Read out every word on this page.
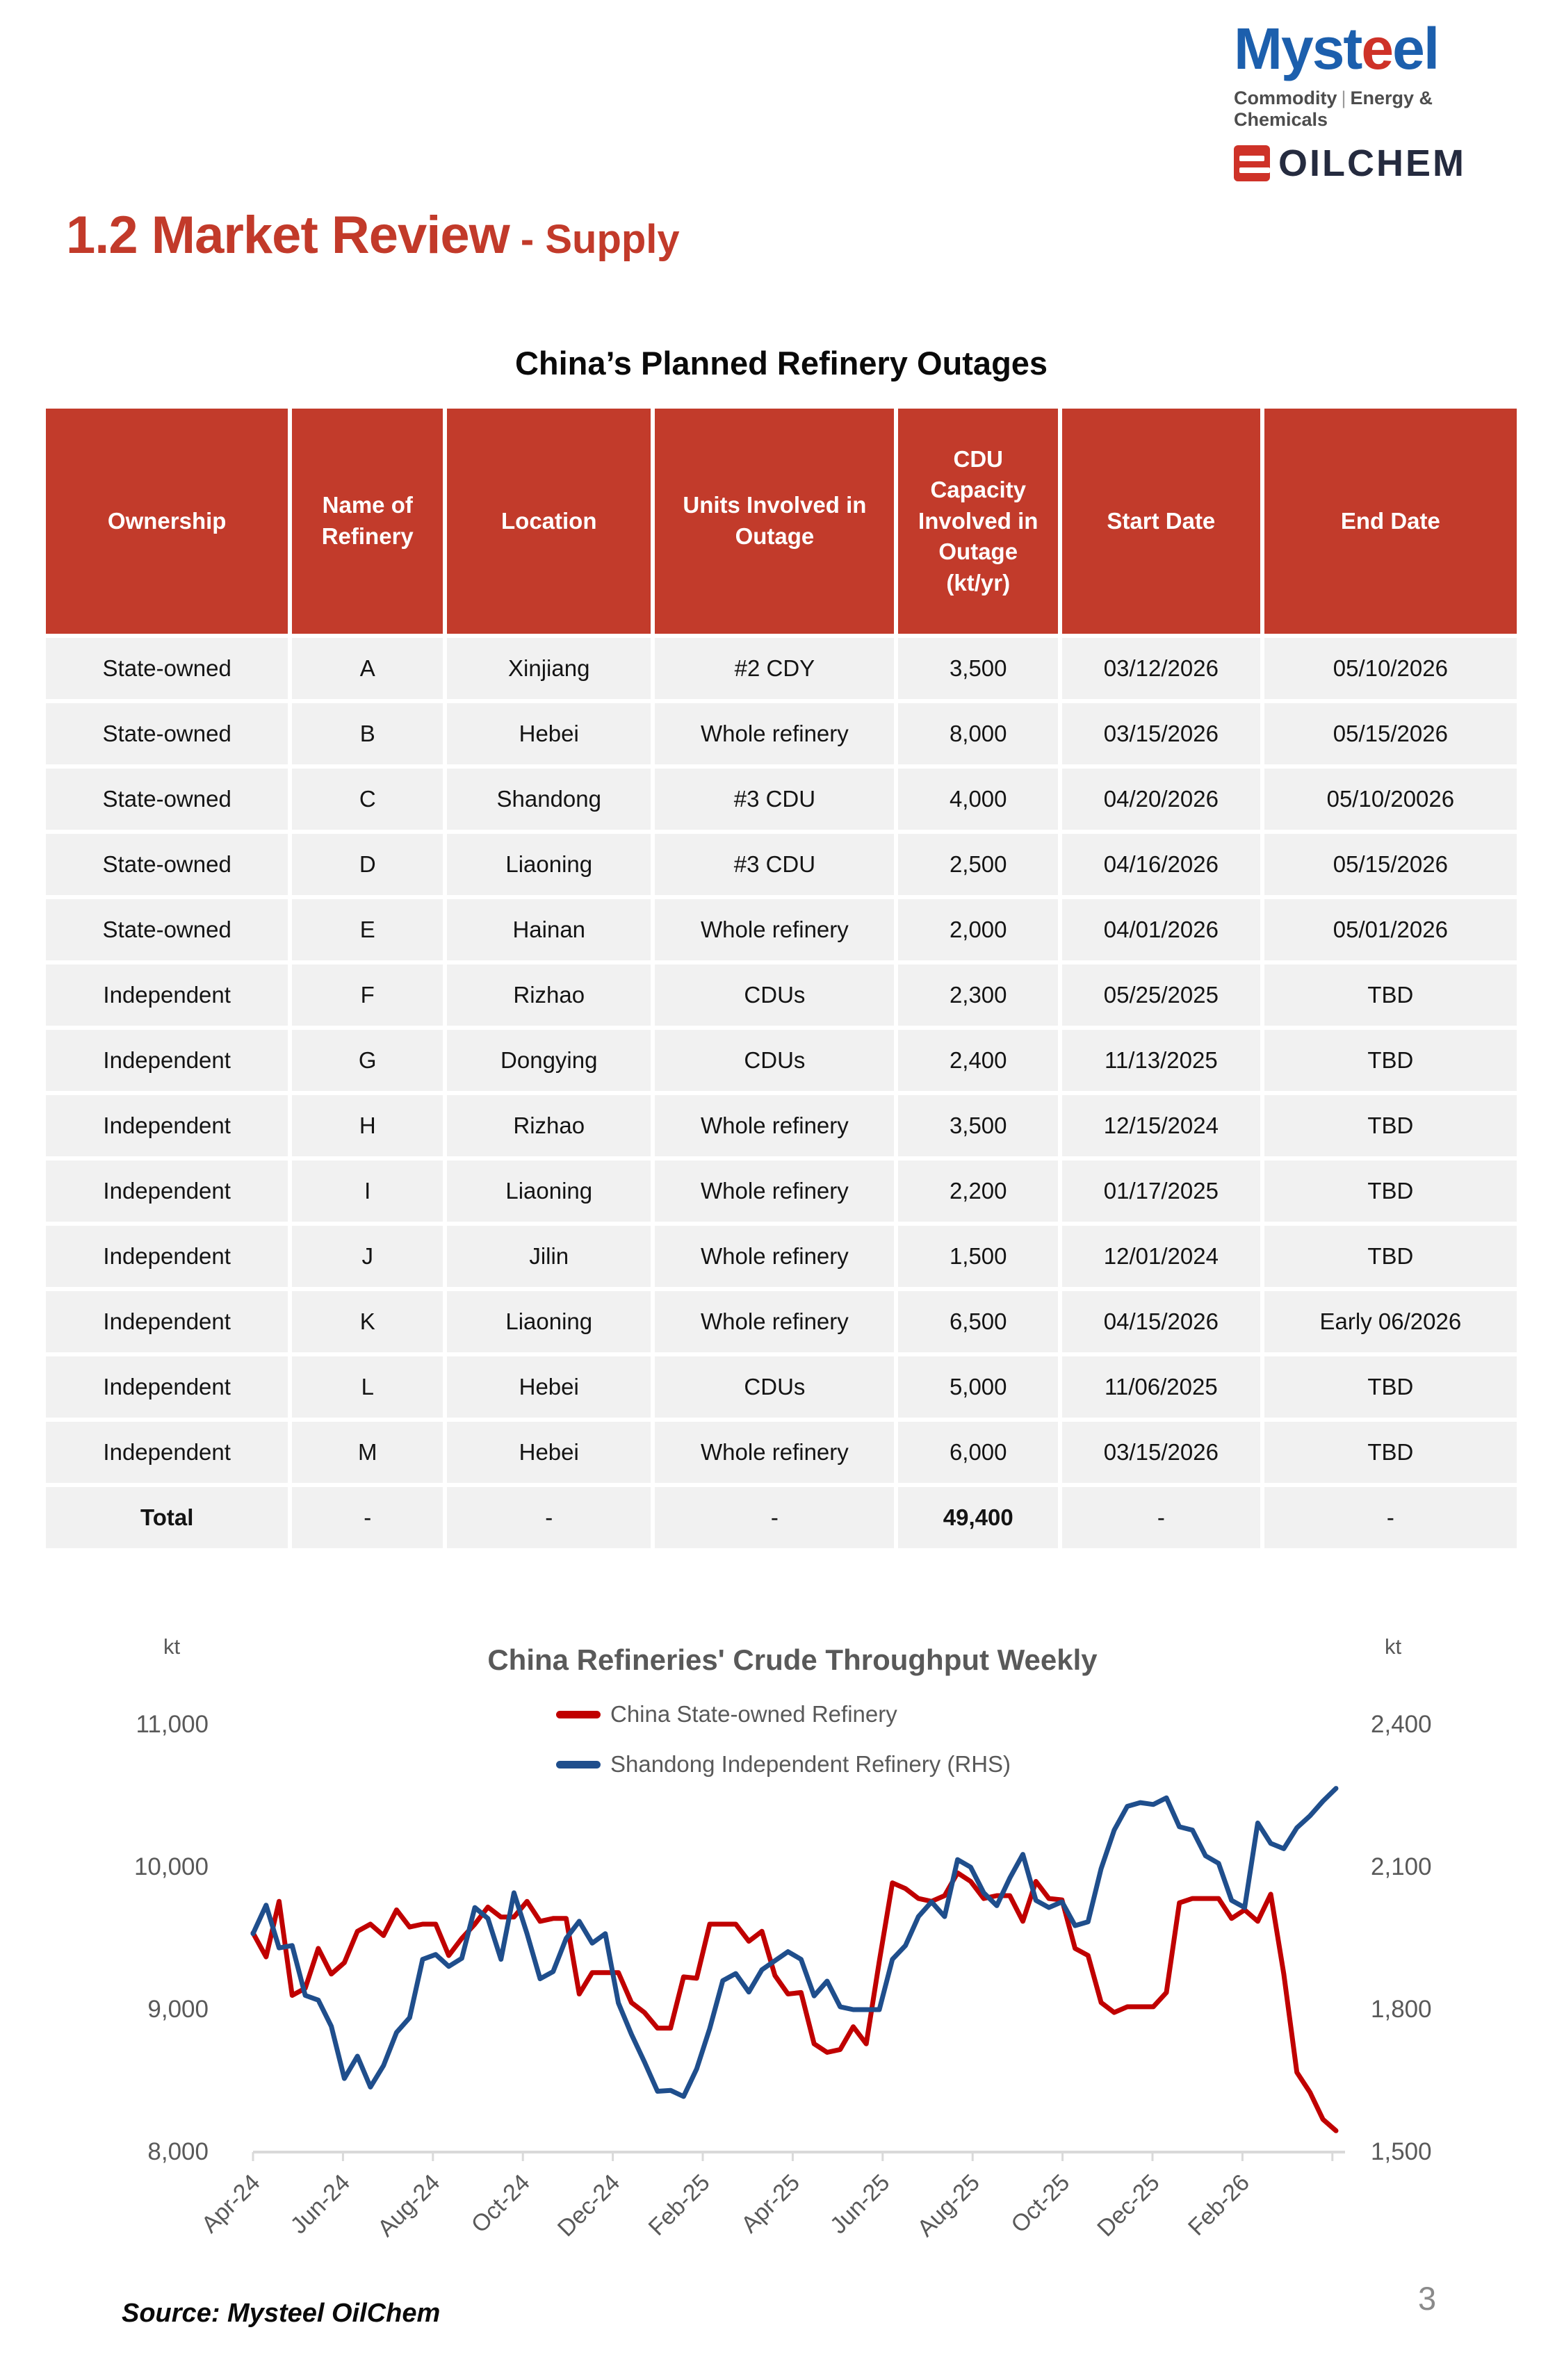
Mysteel
Commodity | Energy & Chemicals
OILCHEM
1.2 Market Review - Supply
China’s Planned Refinery Outages
Ownership	Name of Refinery	Location	Units Involved in Outage	CDU Capacity Involved in Outage (kt/yr)	Start Date	End Date
State-owned	A	Xinjiang	#2 CDY	3,500	03/12/2026	05/10/2026
State-owned	B	Hebei	Whole refinery	8,000	03/15/2026	05/15/2026
State-owned	C	Shandong	#3 CDU	4,000	04/20/2026	05/10/20026
State-owned	D	Liaoning	#3 CDU	2,500	04/16/2026	05/15/2026
State-owned	E	Hainan	Whole refinery	2,000	04/01/2026	05/01/2026
Independent	F	Rizhao	CDUs	2,300	05/25/2025	TBD
Independent	G	Dongying	CDUs	2,400	11/13/2025	TBD
Independent	H	Rizhao	Whole refinery	3,500	12/15/2024	TBD
Independent	I	Liaoning	Whole refinery	2,200	01/17/2025	TBD
Independent	J	Jilin	Whole refinery	1,500	12/01/2024	TBD
Independent	K	Liaoning	Whole refinery	6,500	04/15/2026	Early 06/2026
Independent	L	Hebei	CDUs	5,000	11/06/2025	TBD
Independent	M	Hebei	Whole refinery	6,000	03/15/2026	TBD
Total	-	-	-	49,400	-	-
Apr-24 Jun-24 Aug-24 Oct-24 Dec-24 Feb-25 Apr-25 Jun-25 Aug-25 Oct-25 Dec-25 Feb-26
11,000
10,000
9,000
8,000
2,400
2,100
1,800
1,500
kt	kt
China Refineries' Crude Throughput Weekly
China State-owned Refinery
Shandong Independent Refinery (RHS)
Source: Mysteel OilChem	3
